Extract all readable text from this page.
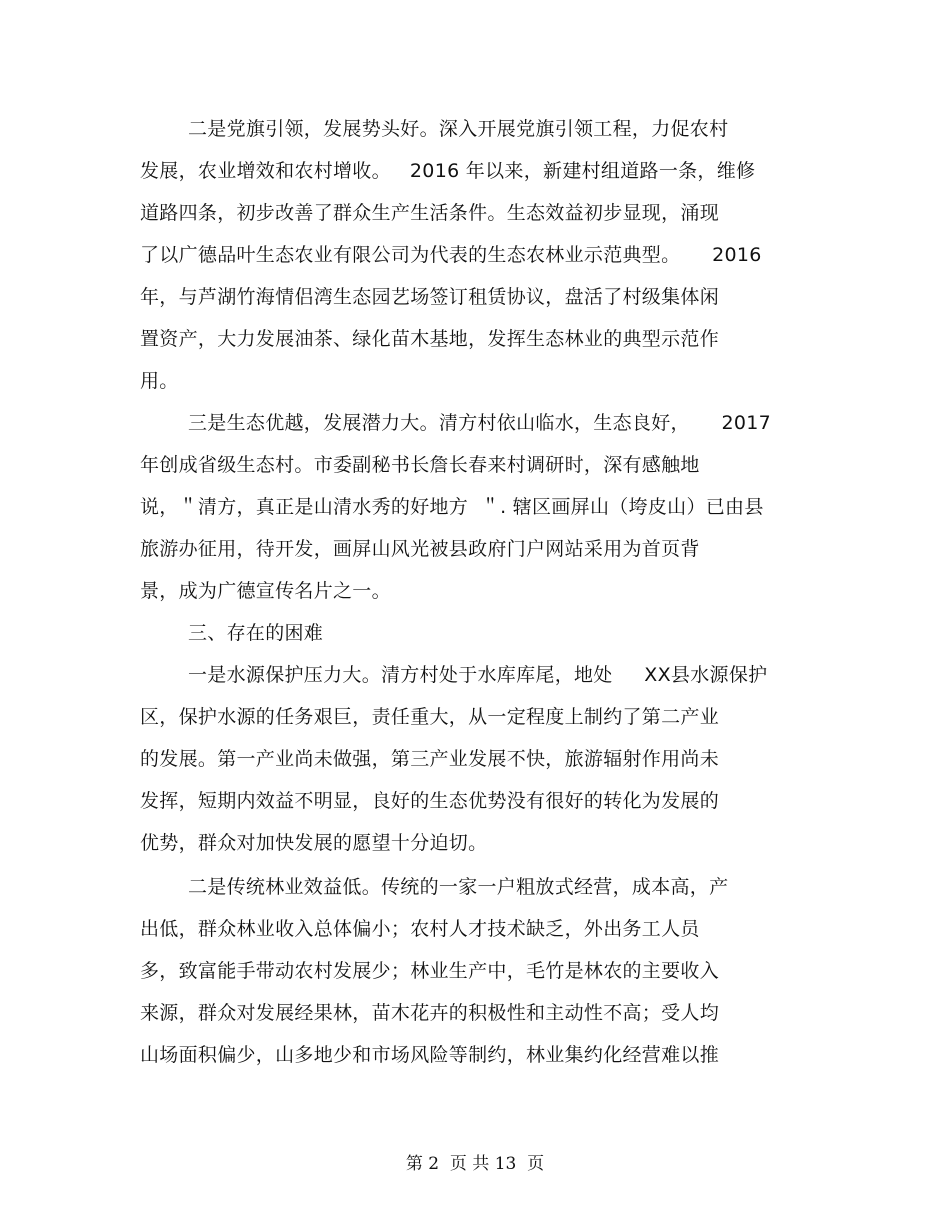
二是党旗引领，发展势头好。深入开展党旗引领工程，力促农村
发展，农业增效和农村增收。   2016 年以来，新建村组道路一条，维修
道路四条，初步改善了群众生产生活条件。生态效益初步显现，涌现
了以广德品叶生态农业有限公司为代表的生态农林业示范典型。     2016
年，与芦湖竹海情侣湾生态园艺场签订租赁协议，盘活了村级集体闲
置资产，大力发展油茶、绿化苗木基地，发挥生态林业的典型示范作
用。
三是生态优越，发展潜力大。清方村依山临水，生态良好，     2017
年创成省级生态村。市委副秘书长詹长春来村调研时，深有感触地
说，＂清方，真正是山清水秀的好地方  ＂. 辖区画屏山（垮皮山）已由县
旅游办征用，待开发，画屏山风光被县政府门户网站采用为首页背
景，成为广德宣传名片之一。
三、存在的困难
一是水源保护压力大。清方村处于水库库尾，地处     XX县水源保护
区，保护水源的任务艰巨，责任重大，从一定程度上制约了第二产业
的发展。第一产业尚未做强，第三产业发展不快，旅游辐射作用尚未
发挥，短期内效益不明显，良好的生态优势没有很好的转化为发展的
优势，群众对加快发展的愿望十分迫切。
二是传统林业效益低。传统的一家一户粗放式经营，成本高，产
出低，群众林业收入总体偏小；农村人才技术缺乏，外出务工人员
多，致富能手带动农村发展少；林业生产中，毛竹是林农的主要收入
来源，群众对发展经果林，苗木花卉的积极性和主动性不高；受人均
山场面积偏少，山多地少和市场风险等制约，林业集约化经营难以推
第 2  页 共 13  页
